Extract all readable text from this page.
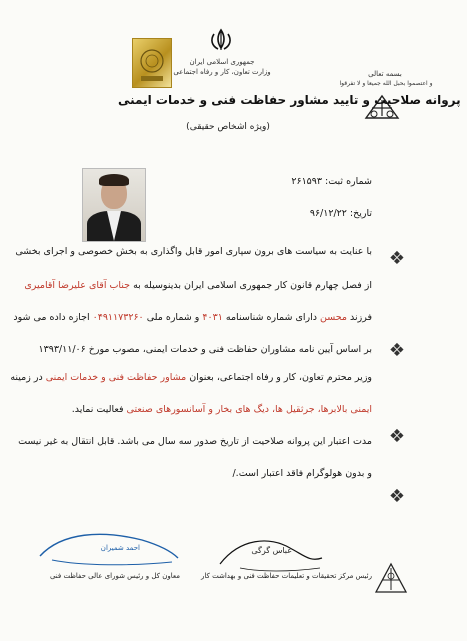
جمهوری اسلامی ایران
وزارت تعاون، کار و رفاه اجتماعی	بسمه تعالی
و اعتصموا بحبل الله جمیعا و لا تفرقوا
پروانه صلاحیت و تایید مشاور حفاظت فنی و خدمات ایمنی
(ویژه اشخاص حقیقی)
شماره ثبت: ۲۶۱۵۹۳
تاریخ: ۹۶/۱۲/۲۲
❖
❖
❖
❖
با عنایت به سیاست های برون سپاری امور قابل واگذاری به بخش خصوصی و اجرای بخشی
از فصل چهارم قانون کار جمهوری اسلامی ایران بدینوسیله به جناب آقای علیرضا آقامیری
فرزند محسن دارای شماره شناسنامه ۴۰۳۱ و شماره ملی ۰۴۹۱۱۷۳۲۶۰ اجازه داده می شود
بر اساس آیین نامه مشاوران حفاظت فنی و خدمات ایمنی، مصوب مورخ ۱۳۹۳/۱۱/۰۶
وزیر محترم تعاون، کار و رفاه اجتماعی، بعنوان مشاور حفاظت فنی و خدمات ایمنی در زمینه
ایمنی بالابرها، جرثقیل ها، دیگ های بخار و آسانسورهای صنعتی فعالیت نماید.
مدت اعتبار این پروانه صلاحیت از تاریخ صدور سه سال می باشد. قابل انتقال به غیر نیست
و بدون هولوگرام فاقد اعتبار است./
احمد شمیران
معاون کل و رئیس شورای عالی حفاظت فنی
عباس گرگی
رئیس مرکز تحقیقات و تعلیمات حفاظت فنی و بهداشت کار
